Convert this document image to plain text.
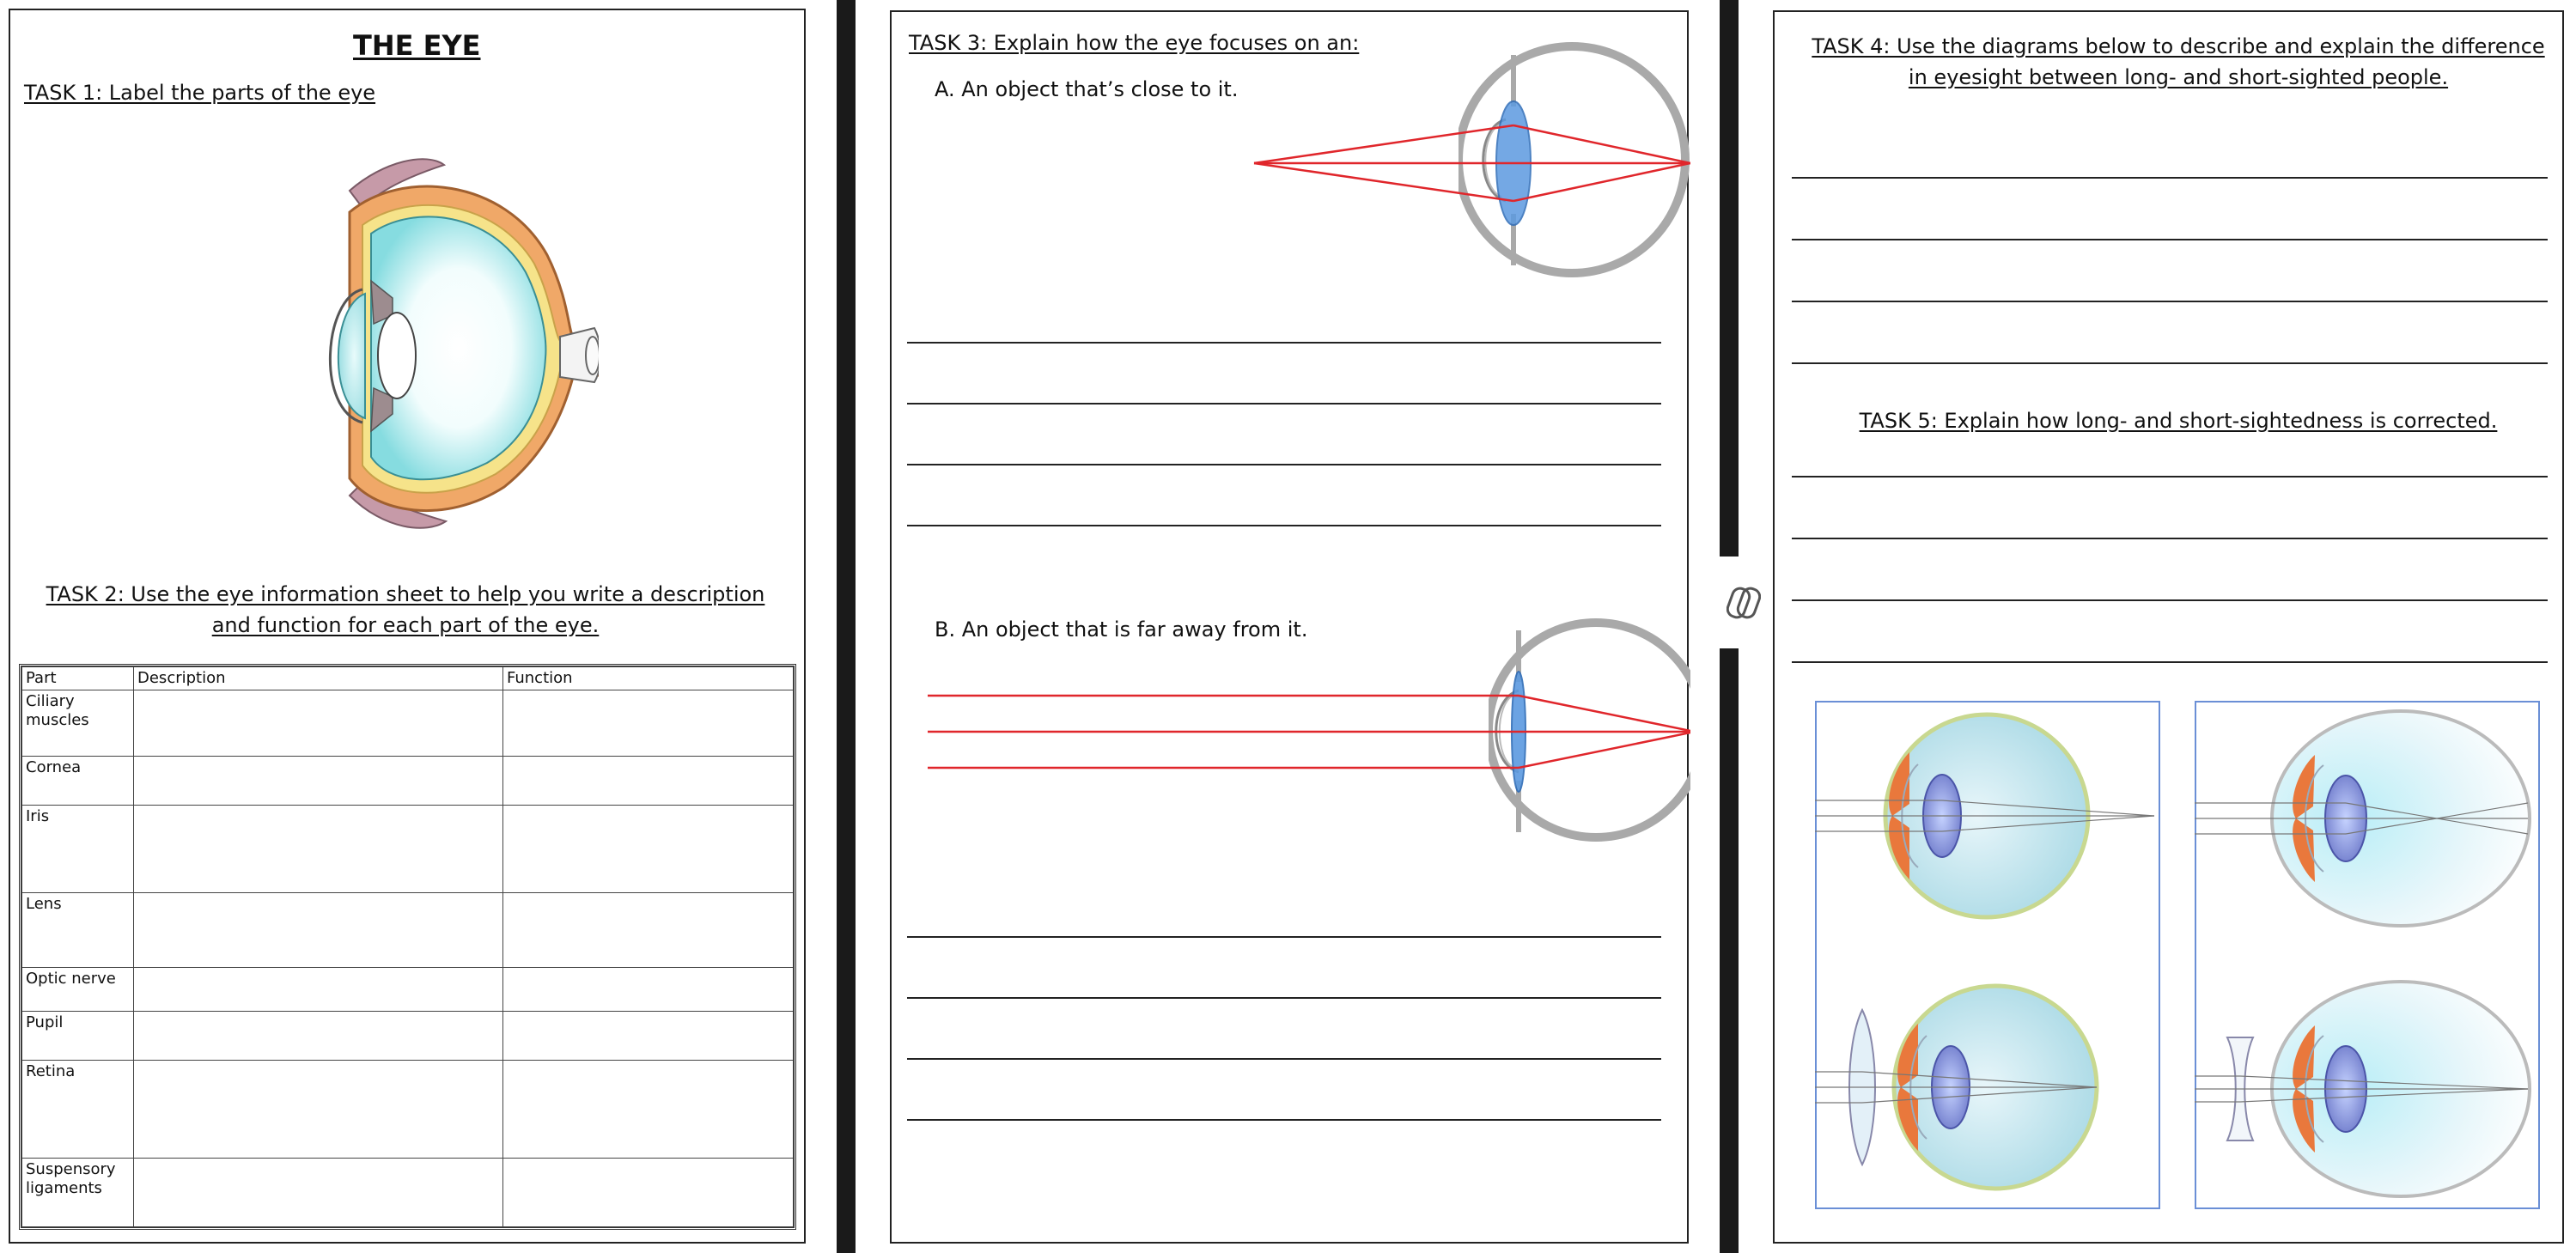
THE EYE
TASK 1: Label the parts of the eye
TASK 2: Use the eye information sheet to help you write a description and function for each part of the eye.
Part	Description	Function
Ciliary muscles		
Cornea		
Iris		
Lens		
Optic nerve		
Pupil		
Retina		
Suspensory ligaments		
TASK 3: Explain how the eye focuses on an:
A. An object that’s close to it.
B. An object that is far away from it.
TASK 4: Use the diagrams below to describe and explain the difference in eyesight between long- and short-sighted people.
TASK 5: Explain how long- and short-sightedness is corrected.
